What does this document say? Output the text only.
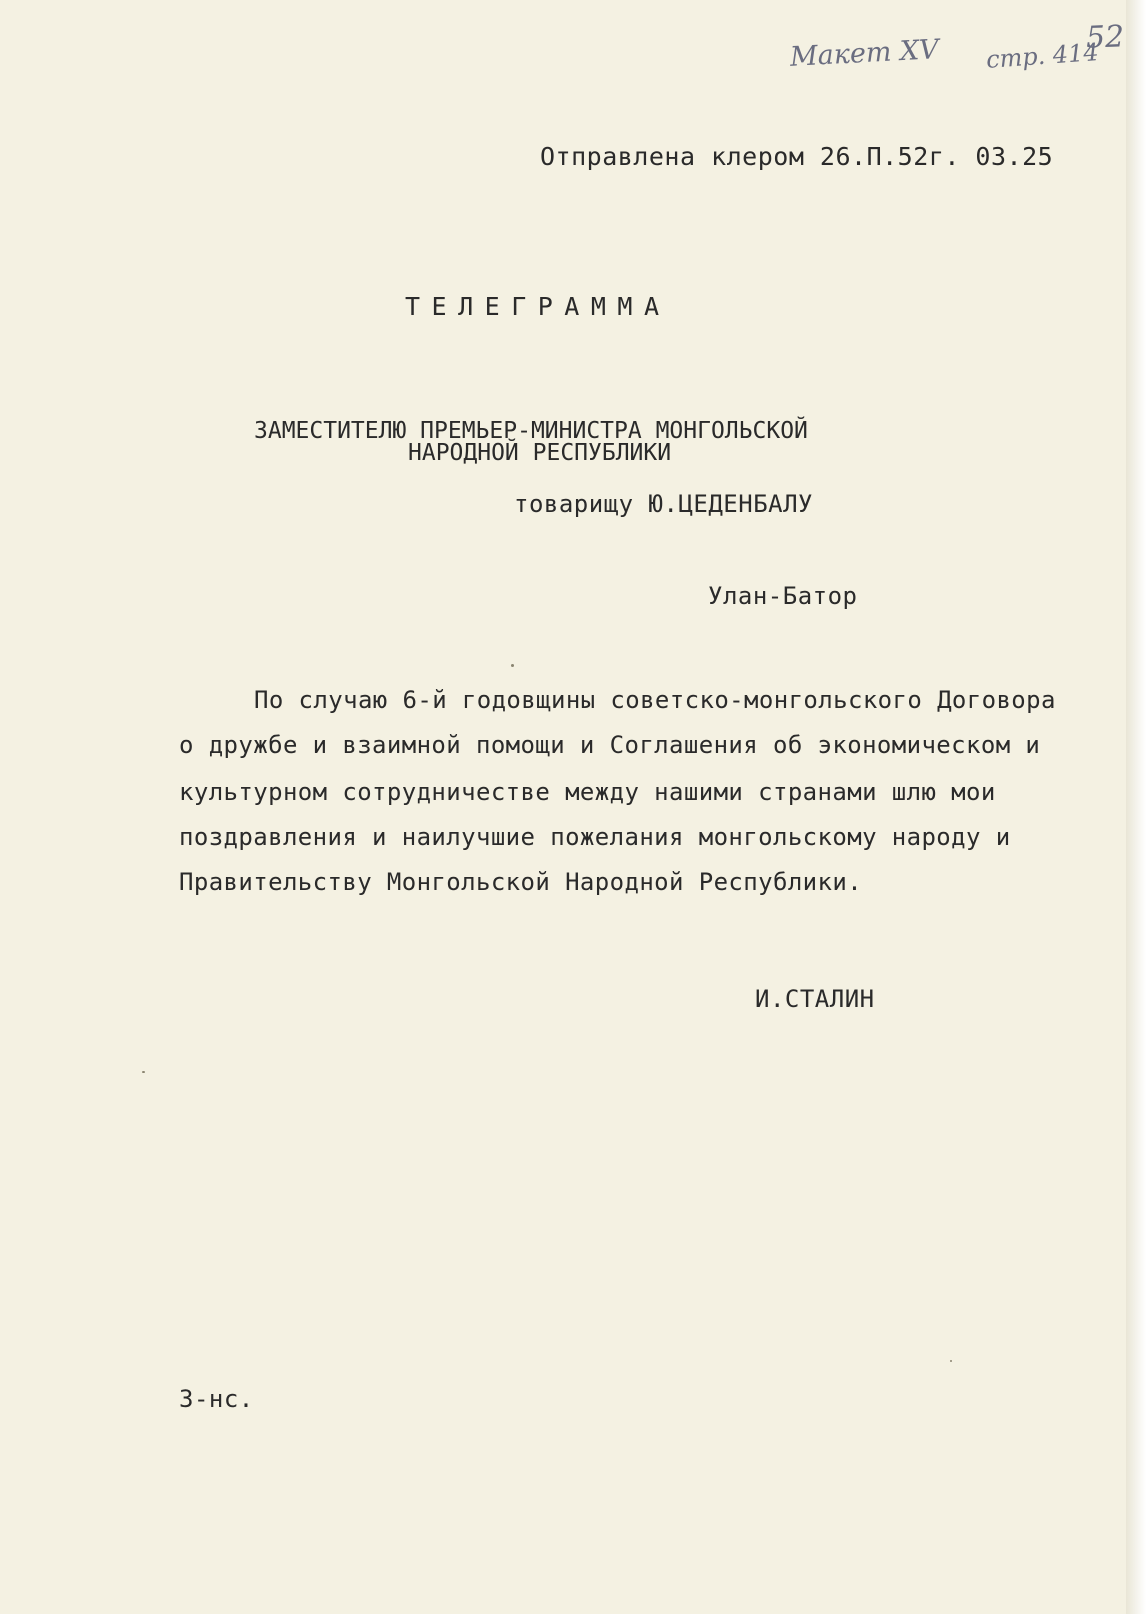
Макет XV стр. 414
52
Отправлена клером 26.П.52г. 03.25
ТЕЛЕГРАММА
ЗАМЕСТИТЕЛЮ ПРЕМЬЕР-МИНИСТРА МОНГОЛЬСКОЙ
НАРОДНОЙ РЕСПУБЛИКИ
товарищу Ю.ЦЕДЕНБАЛУ
Улан-Батор
По случаю 6-й годовщины советско-монгольского Договора
о дружбе и взаимной помощи и Соглашения об экономическом и
культурном сотрудничестве между нашими странами шлю мои
поздравления и наилучшие пожелания монгольскому народу и
Правительству Монгольской Народной Республики.
И.СТАЛИН
З-нс.
